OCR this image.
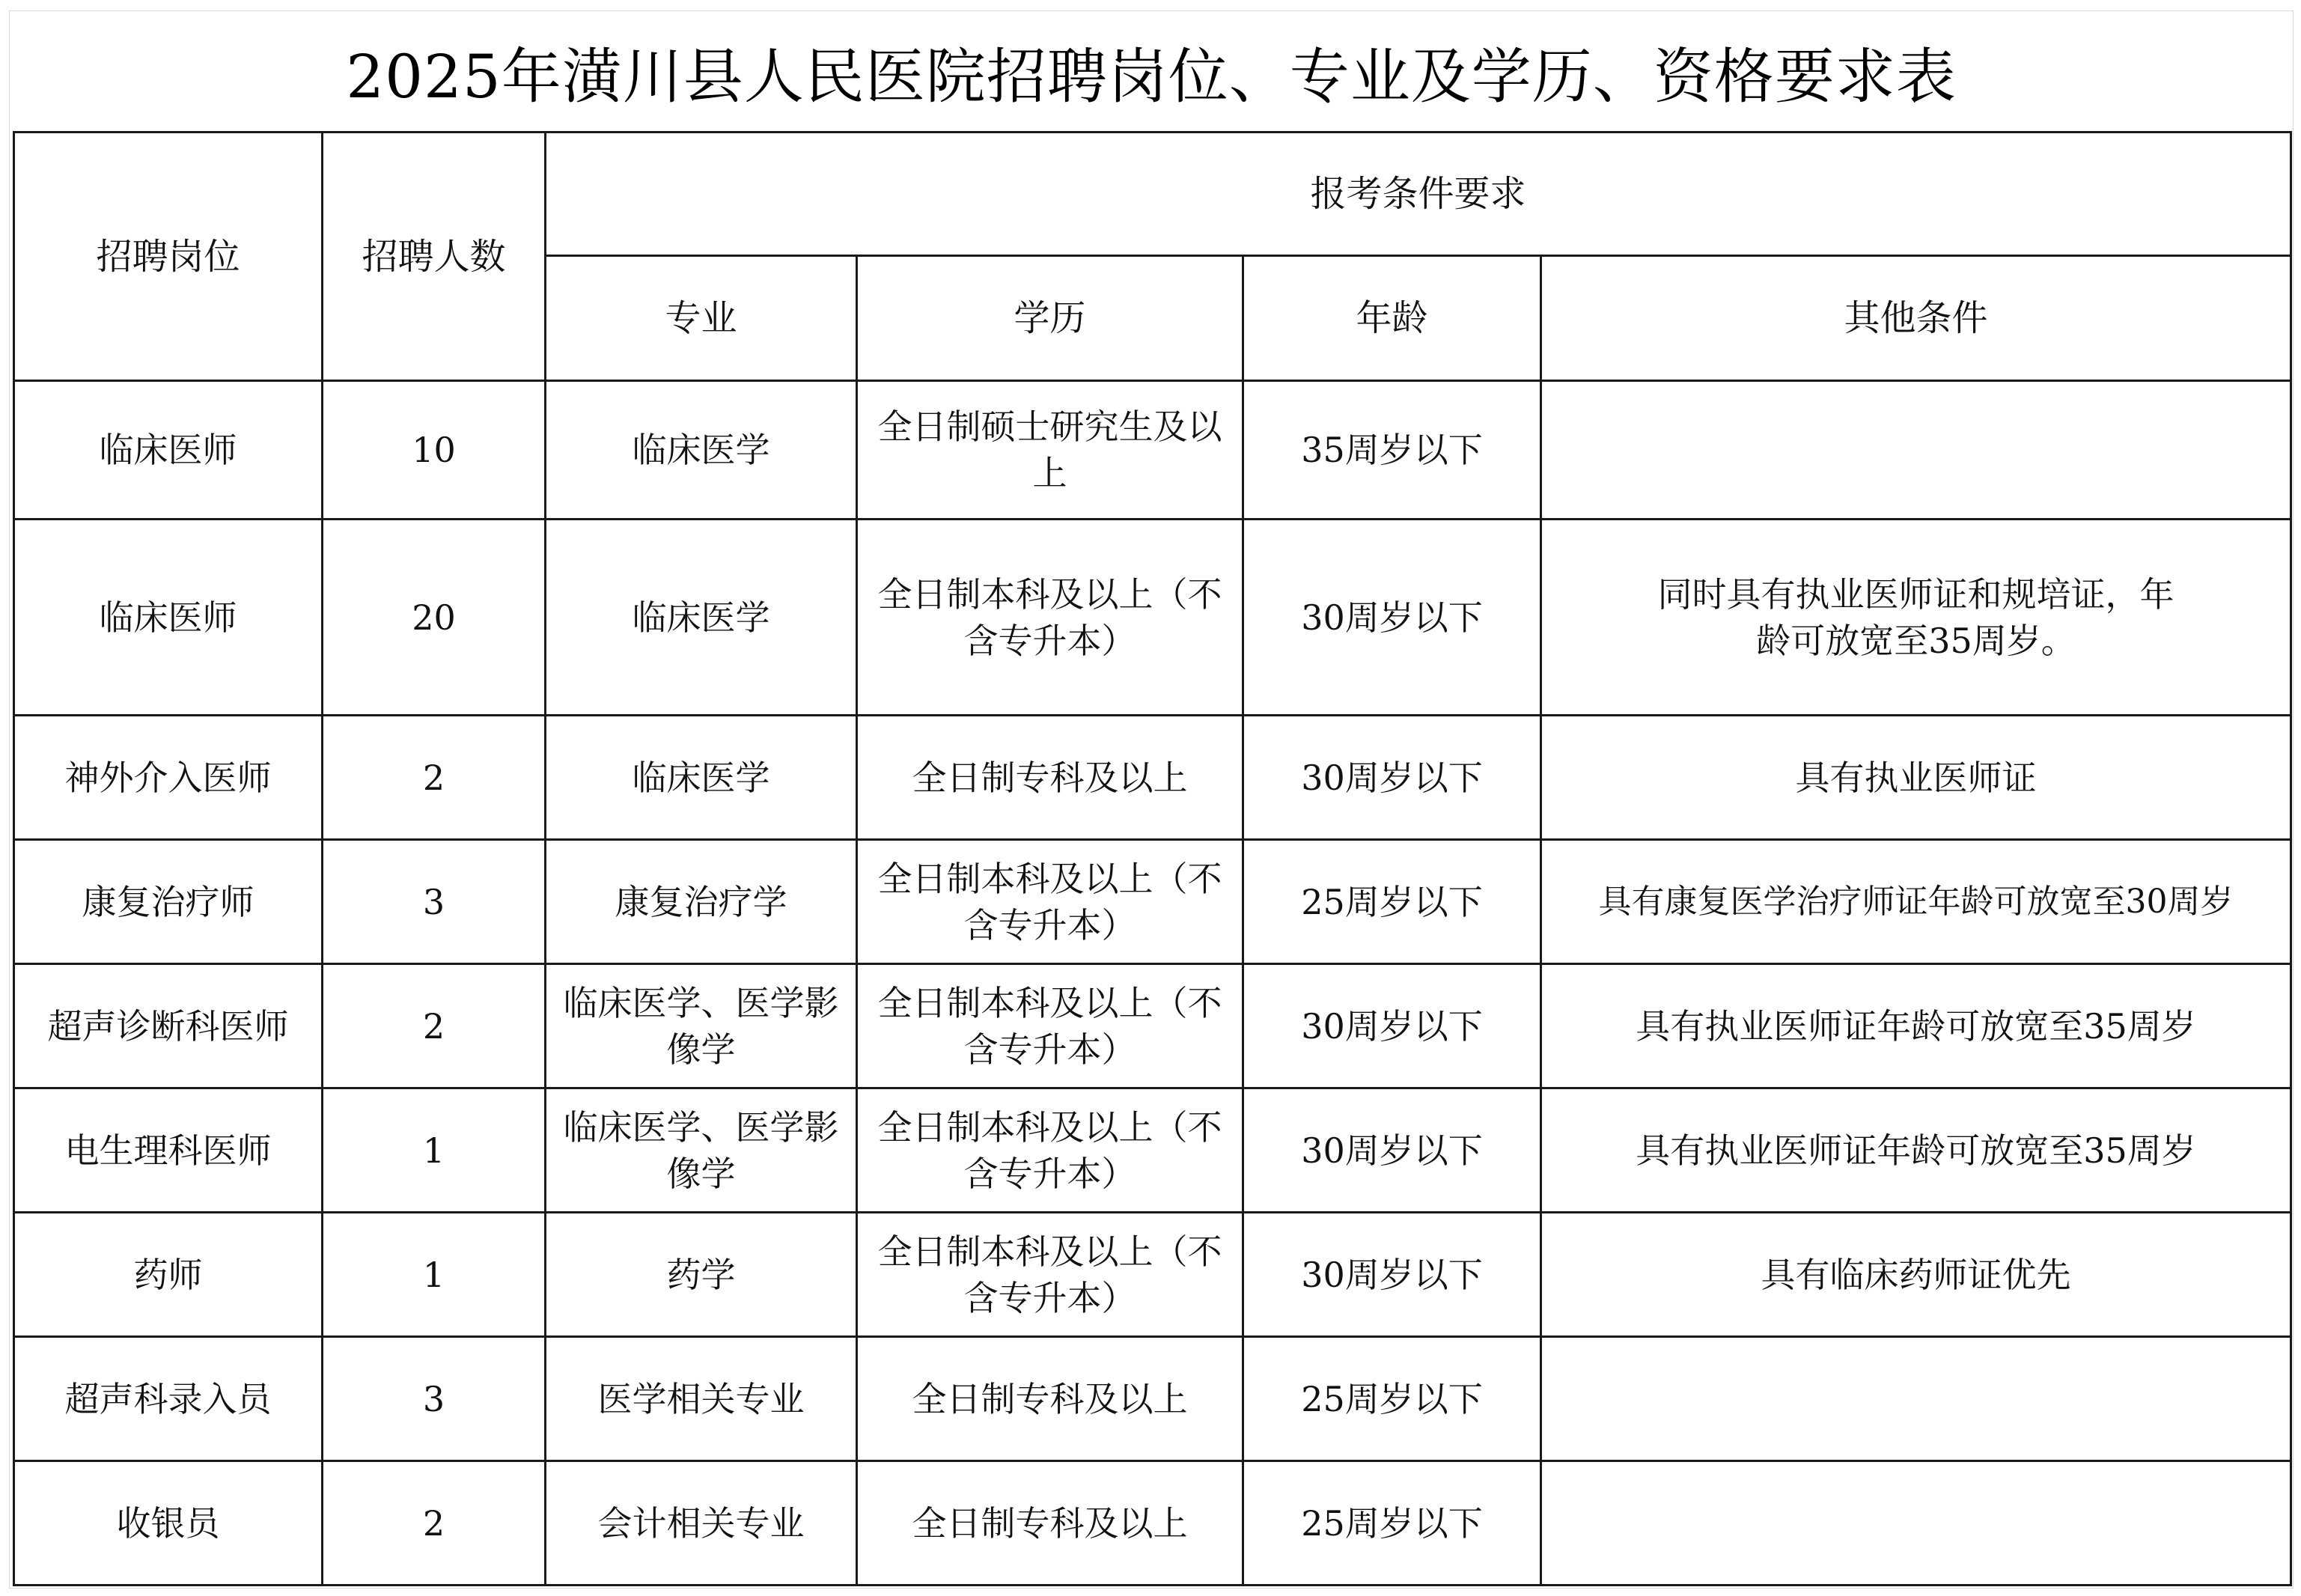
2025年潢川县人民医院招聘岗位、专业及学历、资格要求表
招聘岗位	招聘人数	报考条件要求			
		专业	学历	年龄	其他条件
临床医师	10	临床医学	全日制硕士研究生及以上	35周岁以下	
临床医师	20	临床医学	全日制本科及以上（不含专升本）	30周岁以下	同时具有执业医师证和规培证，年龄可放宽至35周岁。
神外介入医师	2	临床医学	全日制专科及以上	30周岁以下	具有执业医师证
康复治疗师	3	康复治疗学	全日制本科及以上（不含专升本）	25周岁以下	具有康复医学治疗师证年龄可放宽至30周岁
超声诊断科医师	2	临床医学、医学影像学	全日制本科及以上（不含专升本）	30周岁以下	具有执业医师证年龄可放宽至35周岁
电生理科医师	1	临床医学、医学影像学	全日制本科及以上（不含专升本）	30周岁以下	具有执业医师证年龄可放宽至35周岁
药师	1	药学	全日制本科及以上（不含专升本）	30周岁以下	具有临床药师证优先
超声科录入员	3	医学相关专业	全日制专科及以上	25周岁以下	
收银员	2	会计相关专业	全日制专科及以上	25周岁以下	
